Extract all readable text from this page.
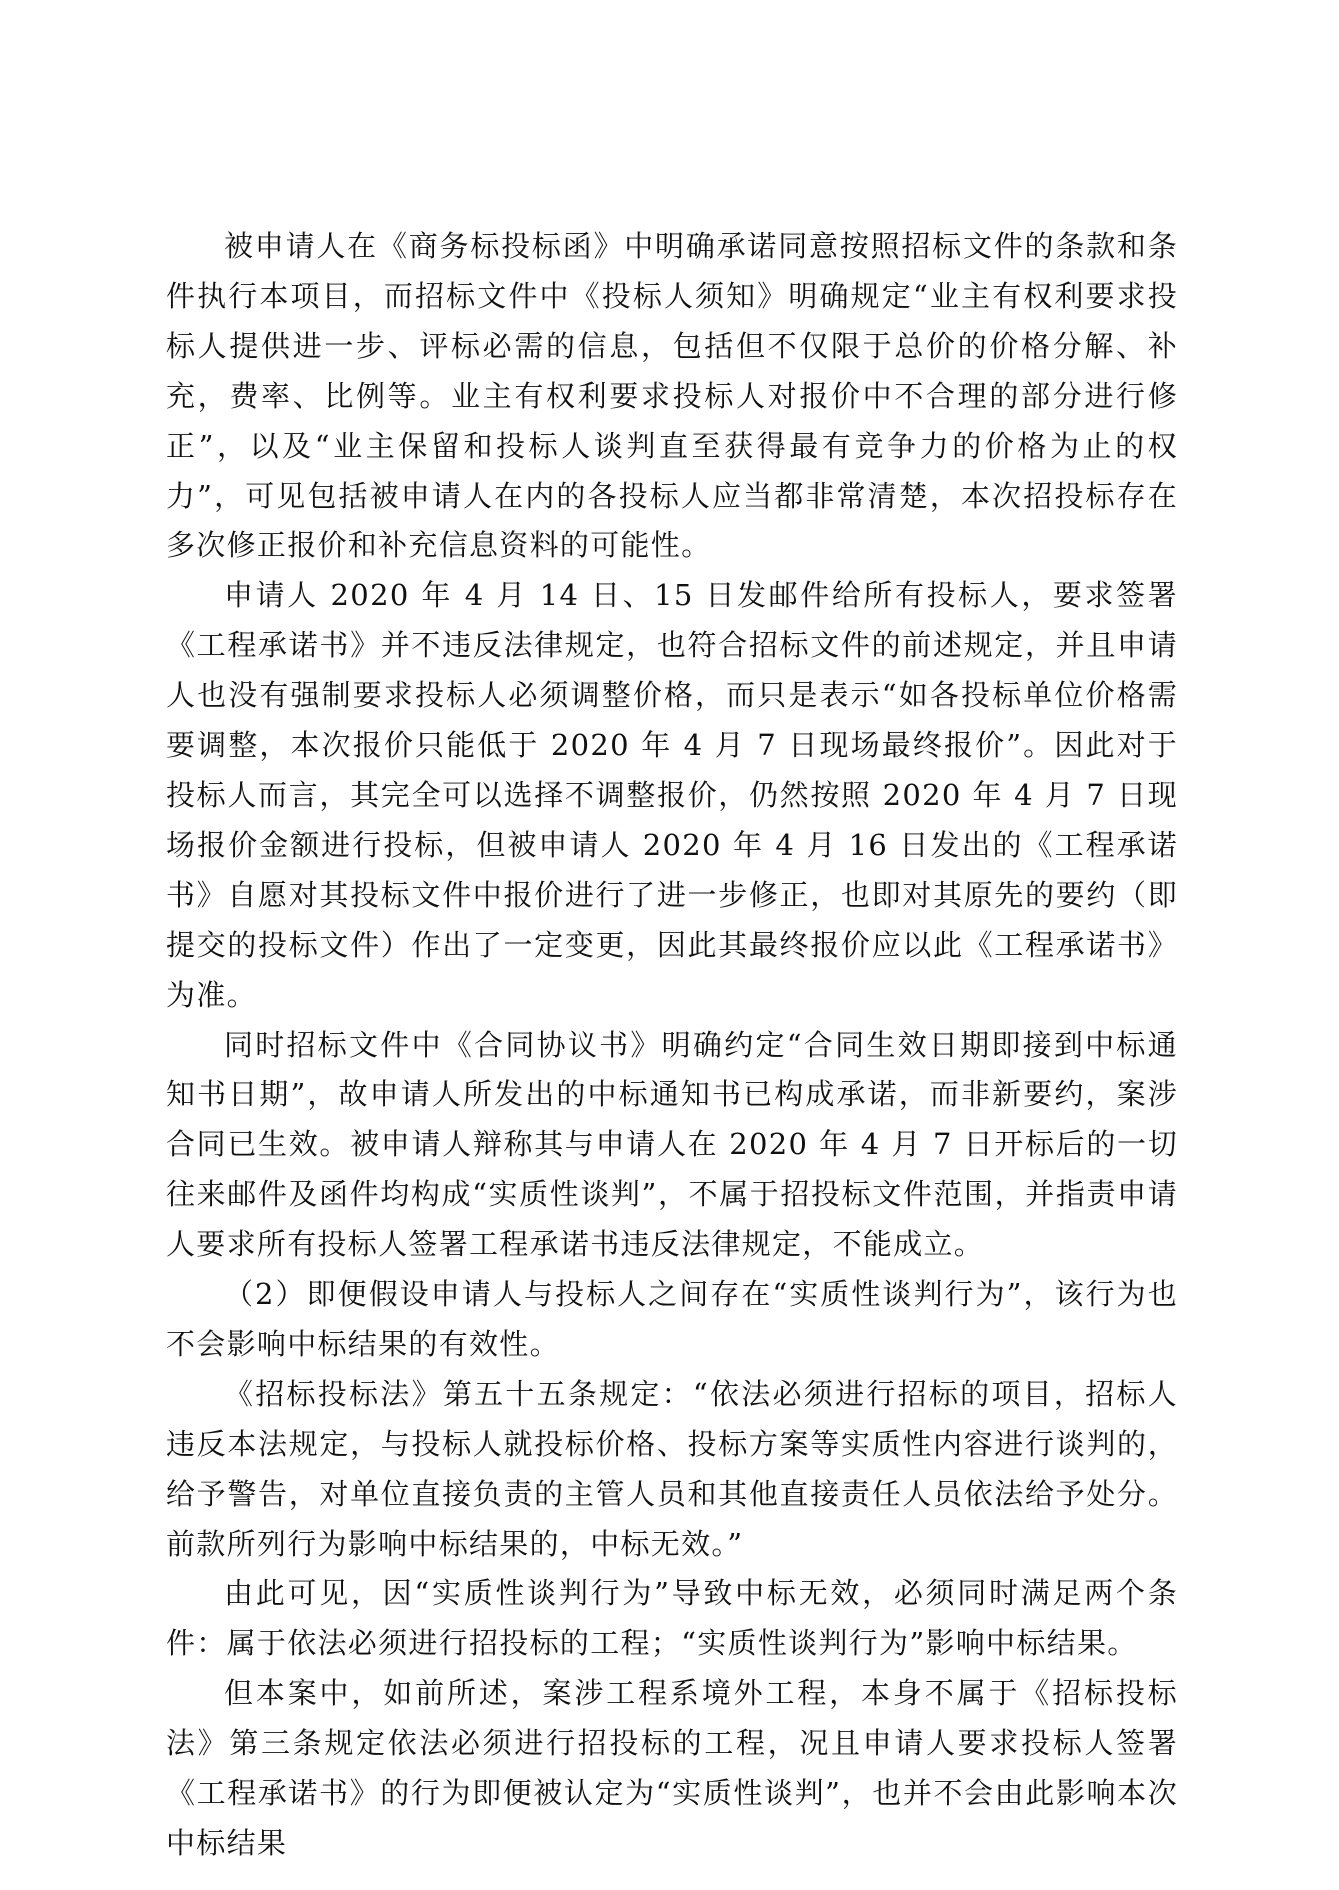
被申请人在《商务标投标函》中明确承诺同意按照招标文件的条款和条件执行本项目，而招标文件中《投标人须知》明确规定“业主有权利要求投标人提供进一步、评标必需的信息，包括但不仅限于总价的价格分解、补充，费率、比例等。业主有权利要求投标人对报价中不合理的部分进行修正”，以及“业主保留和投标人谈判直至获得最有竞争力的价格为止的权力”，可见包括被申请人在内的各投标人应当都非常清楚，本次招投标存在多次修正报价和补充信息资料的可能性。

申请人 2020 年 4 月 14 日、15 日发邮件给所有投标人，要求签署《工程承诺书》并不违反法律规定，也符合招标文件的前述规定，并且申请人也没有强制要求投标人必须调整价格，而只是表示“如各投标单位价格需要调整，本次报价只能低于 2020 年 4 月 7 日现场最终报价”。因此对于投标人而言，其完全可以选择不调整报价，仍然按照 2020 年 4 月 7 日现场报价金额进行投标，但被申请人 2020 年 4 月 16 日发出的《工程承诺书》自愿对其投标文件中报价进行了进一步修正，也即对其原先的要约（即提交的投标文件）作出了一定变更，因此其最终报价应以此《工程承诺书》为准。

同时招标文件中《合同协议书》明确约定“合同生效日期即接到中标通知书日期”，故申请人所发出的中标通知书已构成承诺，而非新要约，案涉合同已生效。被申请人辩称其与申请人在 2020 年 4 月 7 日开标后的一切往来邮件及函件均构成“实质性谈判”，不属于招投标文件范围，并指责申请人要求所有投标人签署工程承诺书违反法律规定，不能成立。

（2）即便假设申请人与投标人之间存在“实质性谈判行为”，该行为也不会影响中标结果的有效性。

《招标投标法》第五十五条规定：“依法必须进行招标的项目，招标人违反本法规定，与投标人就投标价格、投标方案等实质性内容进行谈判的，给予警告，对单位直接负责的主管人员和其他直接责任人员依法给予处分。前款所列行为影响中标结果的，中标无效。”

由此可见，因“实质性谈判行为”导致中标无效，必须同时满足两个条件：属于依法必须进行招投标的工程；“实质性谈判行为”影响中标结果。

但本案中，如前所述，案涉工程系境外工程，本身不属于《招标投标法》第三条规定依法必须进行招投标的工程，况且申请人要求投标人签署《工程承诺书》的行为即便被认定为“实质性谈判”，也并不会由此影响本次中标结果
